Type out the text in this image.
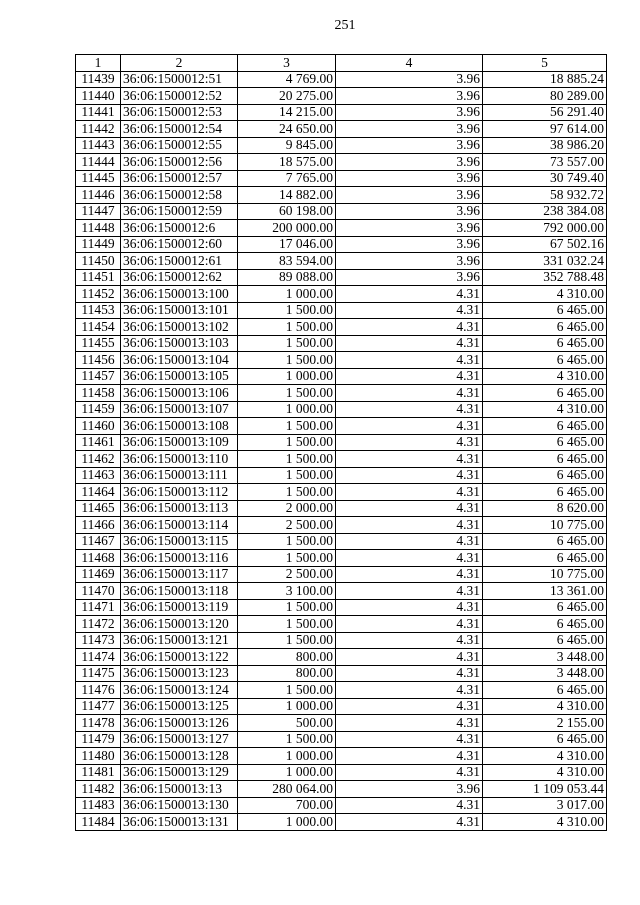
251
1	2	3	4	5
11439	36:06:1500012:51	4 769.00	3.96	18 885.24
11440	36:06:1500012:52	20 275.00	3.96	80 289.00
11441	36:06:1500012:53	14 215.00	3.96	56 291.40
11442	36:06:1500012:54	24 650.00	3.96	97 614.00
11443	36:06:1500012:55	9 845.00	3.96	38 986.20
11444	36:06:1500012:56	18 575.00	3.96	73 557.00
11445	36:06:1500012:57	7 765.00	3.96	30 749.40
11446	36:06:1500012:58	14 882.00	3.96	58 932.72
11447	36:06:1500012:59	60 198.00	3.96	238 384.08
11448	36:06:1500012:6	200 000.00	3.96	792 000.00
11449	36:06:1500012:60	17 046.00	3.96	67 502.16
11450	36:06:1500012:61	83 594.00	3.96	331 032.24
11451	36:06:1500012:62	89 088.00	3.96	352 788.48
11452	36:06:1500013:100	1 000.00	4.31	4 310.00
11453	36:06:1500013:101	1 500.00	4.31	6 465.00
11454	36:06:1500013:102	1 500.00	4.31	6 465.00
11455	36:06:1500013:103	1 500.00	4.31	6 465.00
11456	36:06:1500013:104	1 500.00	4.31	6 465.00
11457	36:06:1500013:105	1 000.00	4.31	4 310.00
11458	36:06:1500013:106	1 500.00	4.31	6 465.00
11459	36:06:1500013:107	1 000.00	4.31	4 310.00
11460	36:06:1500013:108	1 500.00	4.31	6 465.00
11461	36:06:1500013:109	1 500.00	4.31	6 465.00
11462	36:06:1500013:110	1 500.00	4.31	6 465.00
11463	36:06:1500013:111	1 500.00	4.31	6 465.00
11464	36:06:1500013:112	1 500.00	4.31	6 465.00
11465	36:06:1500013:113	2 000.00	4.31	8 620.00
11466	36:06:1500013:114	2 500.00	4.31	10 775.00
11467	36:06:1500013:115	1 500.00	4.31	6 465.00
11468	36:06:1500013:116	1 500.00	4.31	6 465.00
11469	36:06:1500013:117	2 500.00	4.31	10 775.00
11470	36:06:1500013:118	3 100.00	4.31	13 361.00
11471	36:06:1500013:119	1 500.00	4.31	6 465.00
11472	36:06:1500013:120	1 500.00	4.31	6 465.00
11473	36:06:1500013:121	1 500.00	4.31	6 465.00
11474	36:06:1500013:122	800.00	4.31	3 448.00
11475	36:06:1500013:123	800.00	4.31	3 448.00
11476	36:06:1500013:124	1 500.00	4.31	6 465.00
11477	36:06:1500013:125	1 000.00	4.31	4 310.00
11478	36:06:1500013:126	500.00	4.31	2 155.00
11479	36:06:1500013:127	1 500.00	4.31	6 465.00
11480	36:06:1500013:128	1 000.00	4.31	4 310.00
11481	36:06:1500013:129	1 000.00	4.31	4 310.00
11482	36:06:1500013:13	280 064.00	3.96	1 109 053.44
11483	36:06:1500013:130	700.00	4.31	3 017.00
11484	36:06:1500013:131	1 000.00	4.31	4 310.00
